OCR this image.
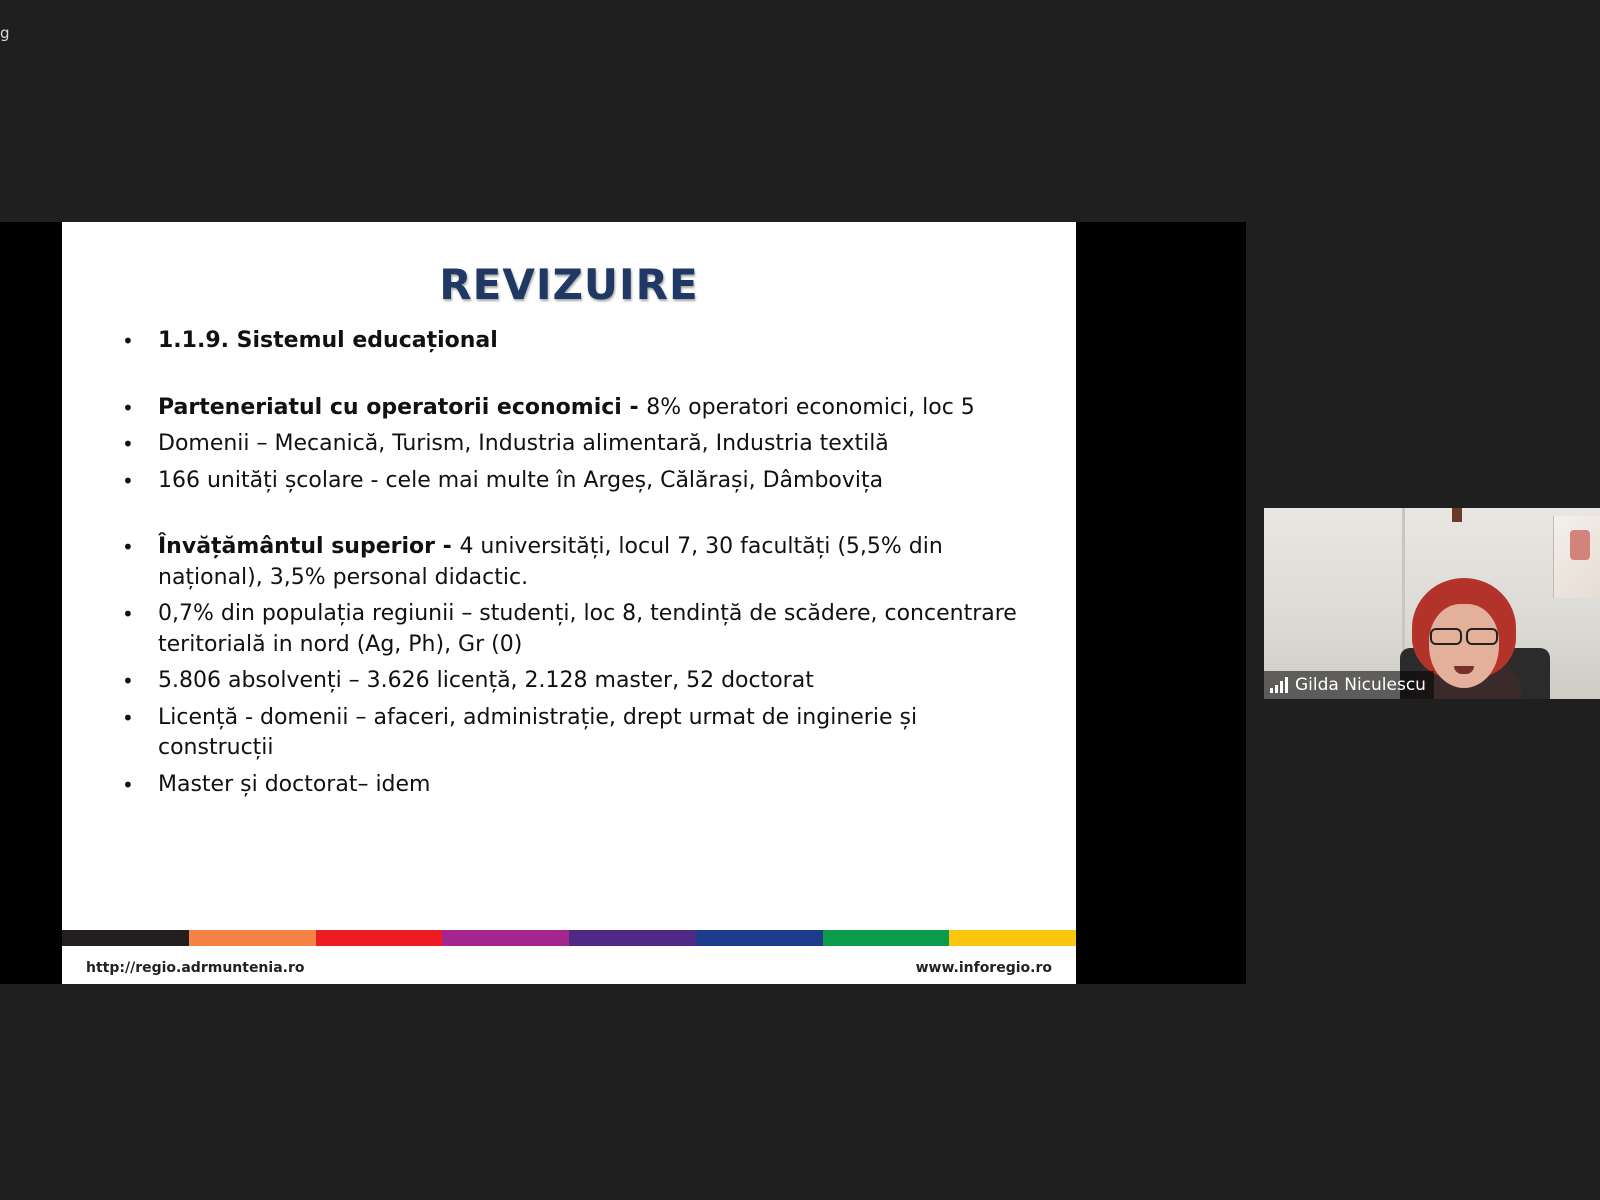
g
REVIZUIRE
• 1.1.9. Sistemul educațional
• Parteneriatul cu operatorii economici - 8% operatori economici, loc 5
• Domenii – Mecanică, Turism, Industria alimentară, Industria textilă
• 166 unități școlare - cele mai multe în Argeș, Călărași, Dâmbovița
• Învățământul superior - 4 universități, locul 7, 30 facultăți (5,5% din național), 3,5% personal didactic.
• 0,7% din populația regiunii – studenți, loc 8, tendință de scădere, concentrare teritorială in nord (Ag, Ph), Gr (0)
• 5.806 absolvenți – 3.626 licență, 2.128 master, 52 doctorat
• Licență - domenii – afaceri, administrație, drept urmat de inginerie și construcții
• Master și doctorat– idem
http://regio.adrmuntenia.ro	www.inforegio.ro
Gilda Niculescu
